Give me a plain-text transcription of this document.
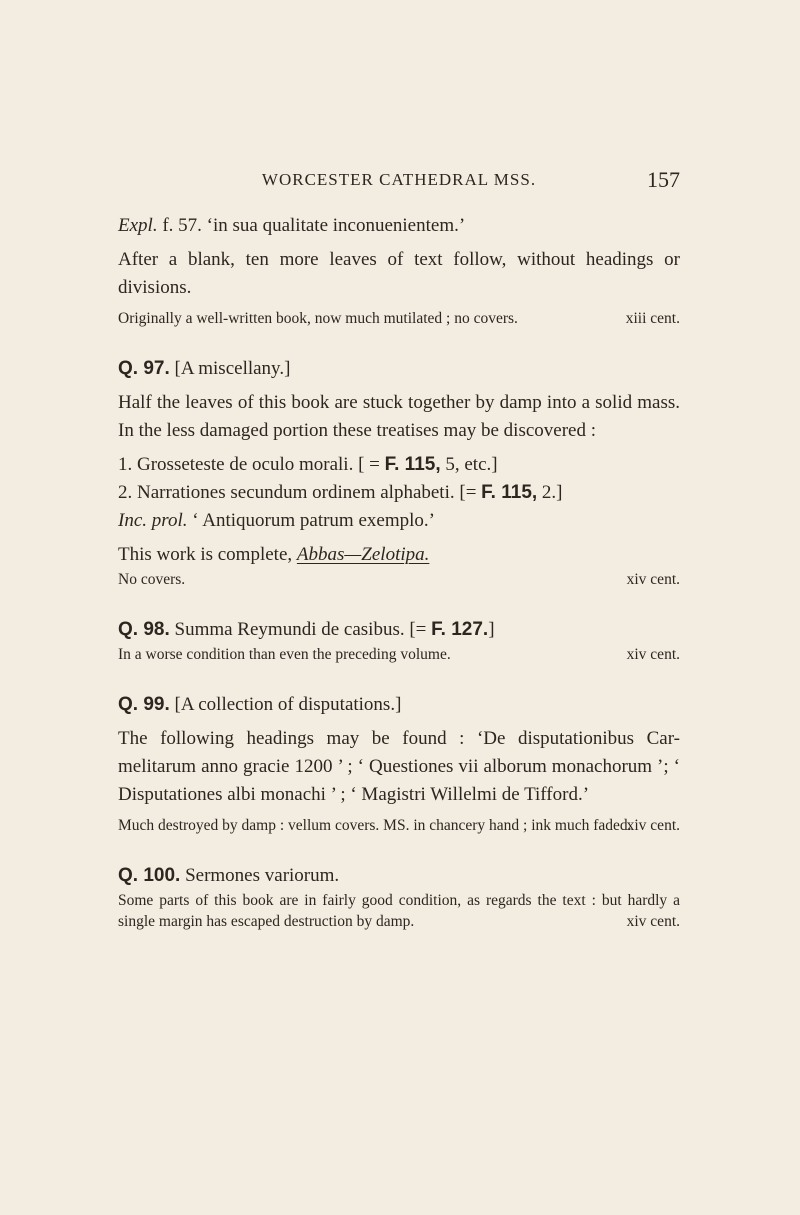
WORCESTER CATHEDRAL MSS.	157

Expl. f. 57. ‘in sua qualitate inconuenientem.’

After a blank, ten more leaves of text follow, without headings or divisions.

Originally a well-written book, now much mutilated ; no covers.	xiii cent.

Q. 97. [A miscellany.]

Half the leaves of this book are stuck together by damp into a solid mass. In the less damaged portion these treatises may be discovered :

1. Grosseteste de oculo morali. [ = F. 115, 5, etc.]

2. Narrationes secundum ordinem alphabeti. [= F. 115, 2.]

Inc. prol. ‘ Antiquorum patrum exemplo.’

This work is complete, Abbas—Zelotipa.

No covers.	xiv cent.

Q. 98. Summa Reymundi de casibus. [= F. 127.]

In a worse condition than even the preceding volume.	xiv cent.

Q. 99. [A collection of disputations.]

The following headings may be found : ‘De disputationibus Car-melitarum anno gracie 1200 ’ ; ‘ Questiones vii alborum monachorum ’; ‘ Disputationes albi monachi ’ ; ‘ Magistri Willelmi de Tifford.’

Much destroyed by damp : vellum covers. MS. in chancery hand ; ink much faded.

xiv cent.

Q. 100. Sermones variorum.

Some parts of this book are in fairly good condition, as regards the text : but hardly a single margin has escaped destruction by damp.	xiv cent.
